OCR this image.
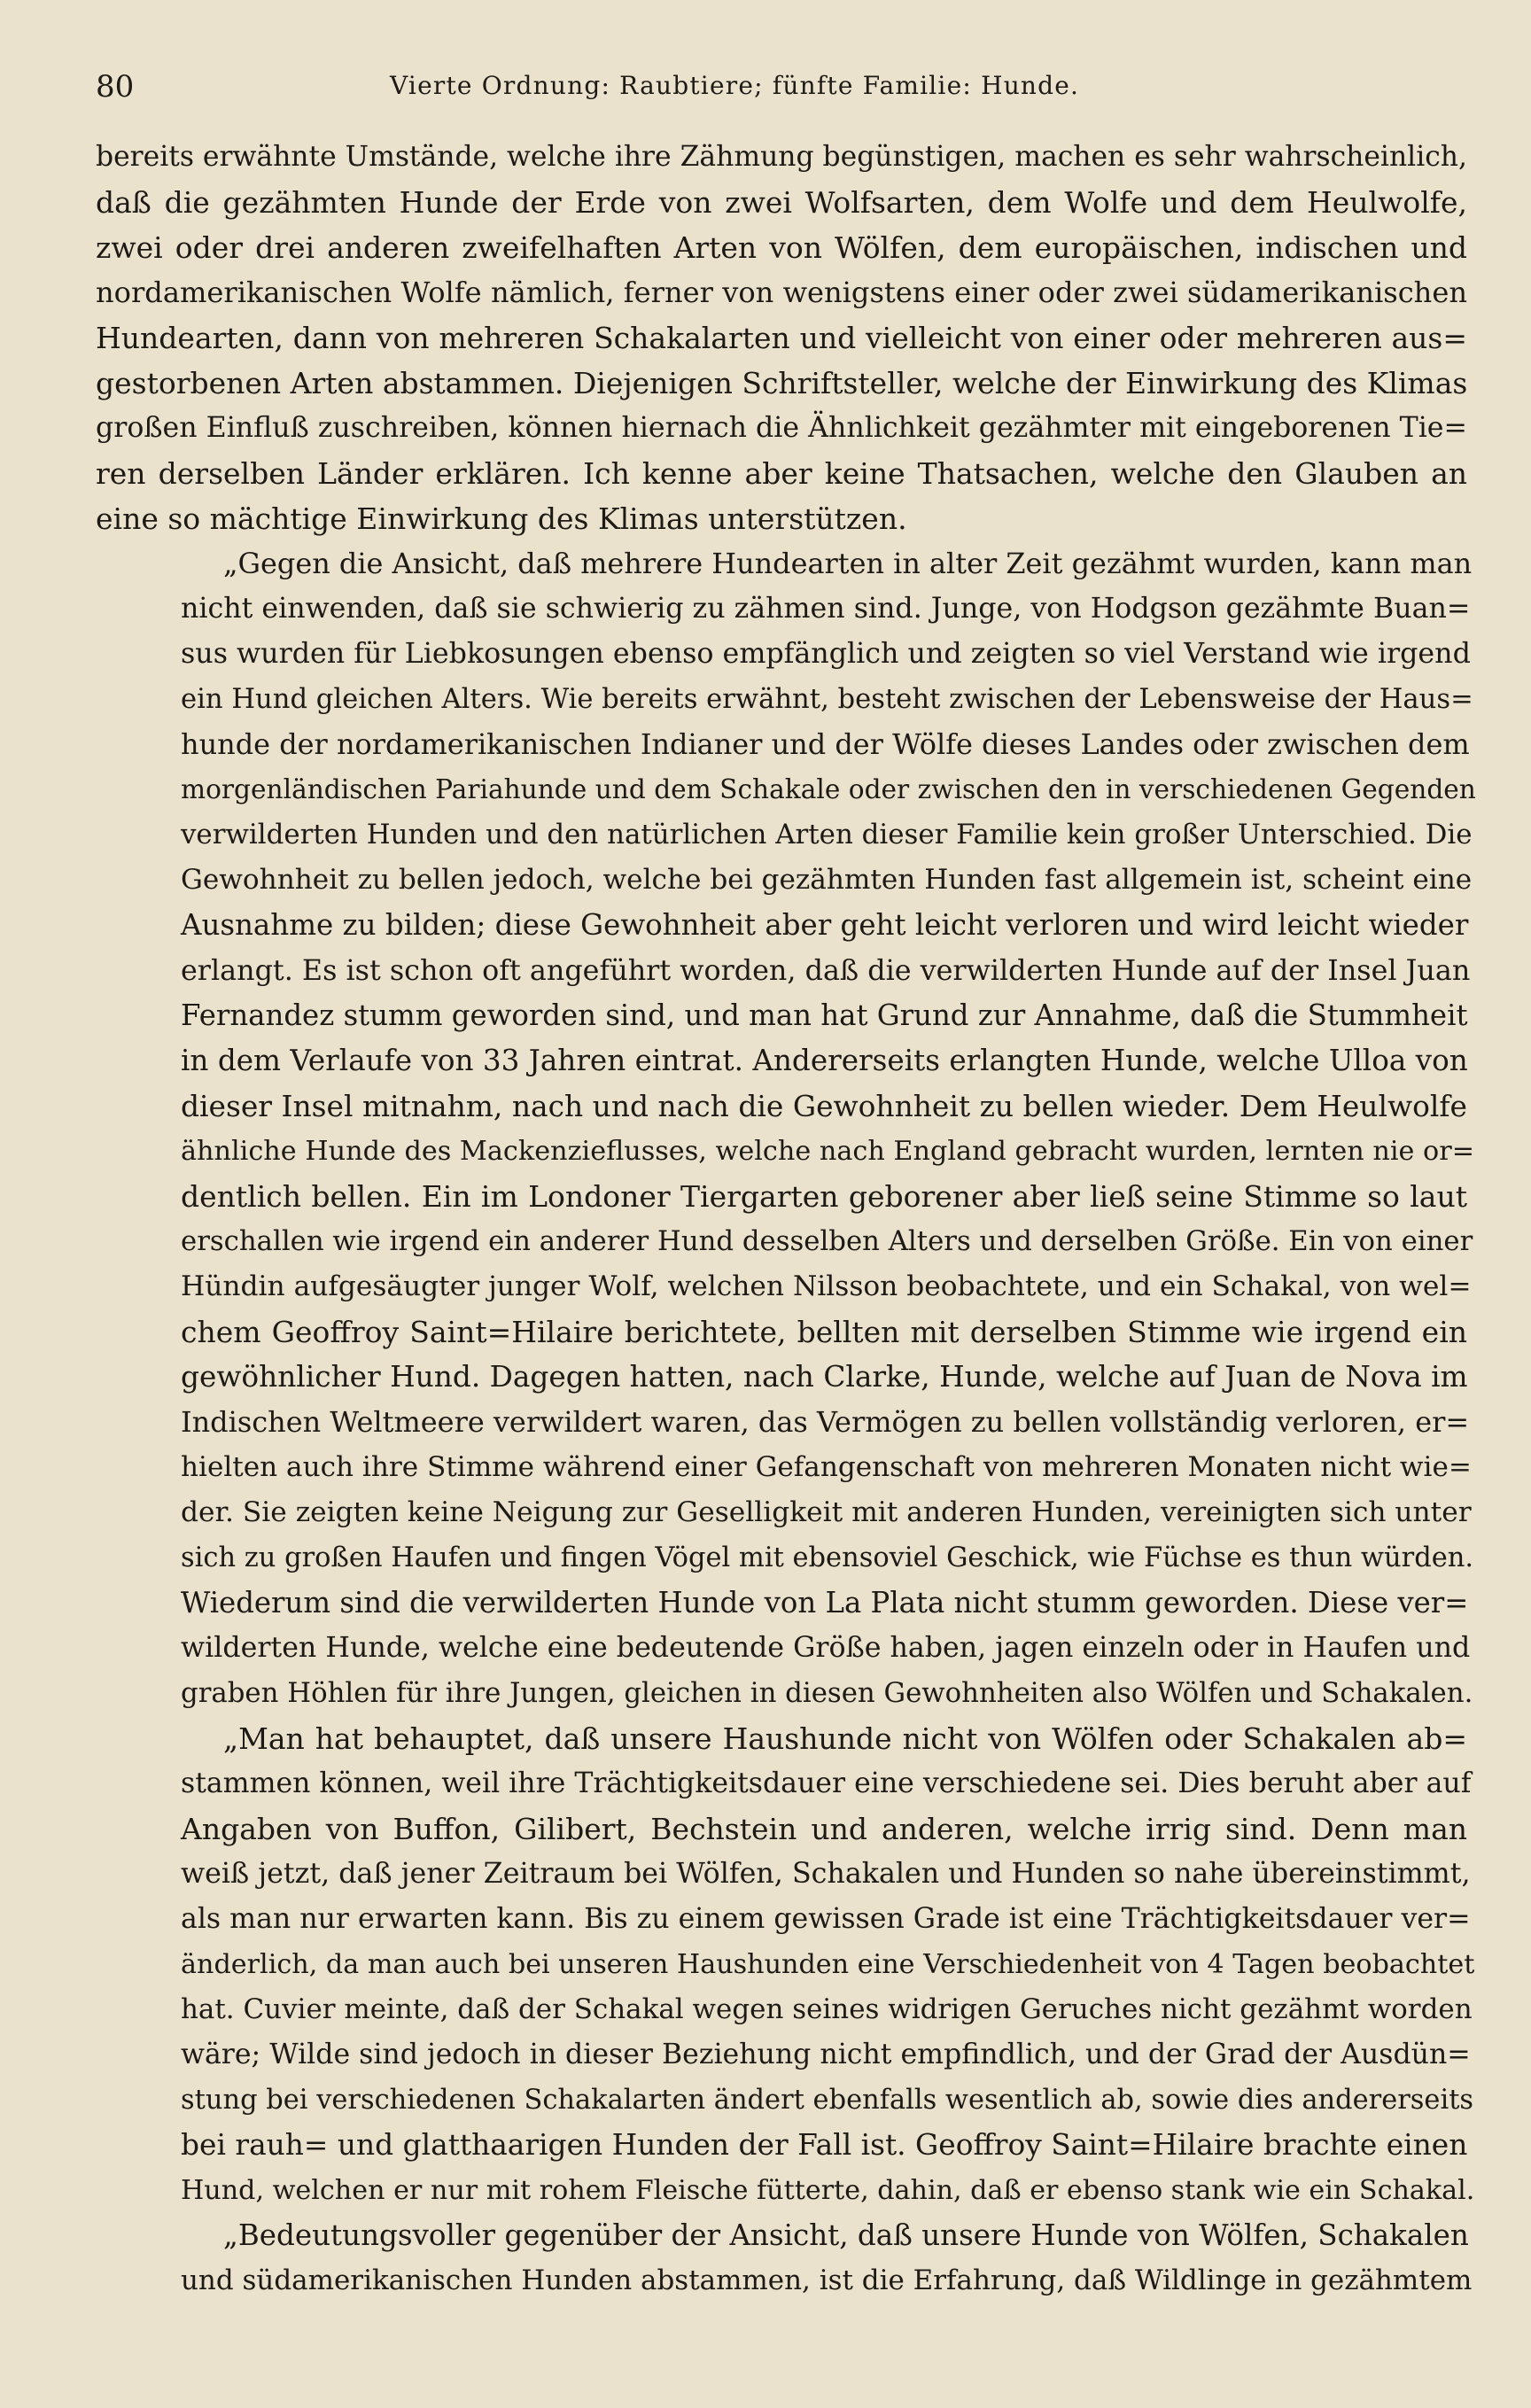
80	Vierte Ordnung: Raubtiere; fünfte Familie: Hunde.

bereits erwähnte Umstände, welche ihre Zähmung begünstigen, machen es sehr wahrscheinlich,
daß die gezähmten Hunde der Erde von zwei Wolfsarten, dem Wolfe und dem Heulwolfe,
zwei oder drei anderen zweifelhaften Arten von Wölfen, dem europäischen, indischen und
nordamerikanischen Wolfe nämlich, ferner von wenigstens einer oder zwei südamerikanischen
Hundearten, dann von mehreren Schakalarten und vielleicht von einer oder mehreren aus=
gestorbenen Arten abstammen. Diejenigen Schriftsteller, welche der Einwirkung des Klimas
großen Einfluß zuschreiben, können hiernach die Ähnlichkeit gezähmter mit eingeborenen Tie=
ren derselben Länder erklären. Ich kenne aber keine Thatsachen, welche den Glauben an
eine so mächtige Einwirkung des Klimas unterstützen.

„Gegen die Ansicht, daß mehrere Hundearten in alter Zeit gezähmt wurden, kann man
nicht einwenden, daß sie schwierig zu zähmen sind. Junge, von Hodgson gezähmte Buan=
sus wurden für Liebkosungen ebenso empfänglich und zeigten so viel Verstand wie irgend
ein Hund gleichen Alters. Wie bereits erwähnt, besteht zwischen der Lebensweise der Haus=
hunde der nordamerikanischen Indianer und der Wölfe dieses Landes oder zwischen dem
morgenländischen Pariahunde und dem Schakale oder zwischen den in verschiedenen Gegenden
verwilderten Hunden und den natürlichen Arten dieser Familie kein großer Unterschied. Die
Gewohnheit zu bellen jedoch, welche bei gezähmten Hunden fast allgemein ist, scheint eine
Ausnahme zu bilden; diese Gewohnheit aber geht leicht verloren und wird leicht wieder
erlangt. Es ist schon oft angeführt worden, daß die verwilderten Hunde auf der Insel Juan
Fernandez stumm geworden sind, und man hat Grund zur Annahme, daß die Stummheit
in dem Verlaufe von 33 Jahren eintrat. Andererseits erlangten Hunde, welche Ulloa von
dieser Insel mitnahm, nach und nach die Gewohnheit zu bellen wieder. Dem Heulwolfe
ähnliche Hunde des Mackenzieflusses, welche nach England gebracht wurden, lernten nie or=
dentlich bellen. Ein im Londoner Tiergarten geborener aber ließ seine Stimme so laut
erschallen wie irgend ein anderer Hund desselben Alters und derselben Größe. Ein von einer
Hündin aufgesäugter junger Wolf, welchen Nilsson beobachtete, und ein Schakal, von wel=
chem Geoffroy Saint=Hilaire berichtete, bellten mit derselben Stimme wie irgend ein
gewöhnlicher Hund. Dagegen hatten, nach Clarke, Hunde, welche auf Juan de Nova im
Indischen Weltmeere verwildert waren, das Vermögen zu bellen vollständig verloren, er=
hielten auch ihre Stimme während einer Gefangenschaft von mehreren Monaten nicht wie=
der. Sie zeigten keine Neigung zur Geselligkeit mit anderen Hunden, vereinigten sich unter
sich zu großen Haufen und fingen Vögel mit ebensoviel Geschick, wie Füchse es thun würden.
Wiederum sind die verwilderten Hunde von La Plata nicht stumm geworden. Diese ver=
wilderten Hunde, welche eine bedeutende Größe haben, jagen einzeln oder in Haufen und
graben Höhlen für ihre Jungen, gleichen in diesen Gewohnheiten also Wölfen und Schakalen.

„Man hat behauptet, daß unsere Haushunde nicht von Wölfen oder Schakalen ab=
stammen können, weil ihre Trächtigkeitsdauer eine verschiedene sei. Dies beruht aber auf
Angaben von Buffon, Gilibert, Bechstein und anderen, welche irrig sind. Denn man
weiß jetzt, daß jener Zeitraum bei Wölfen, Schakalen und Hunden so nahe übereinstimmt,
als man nur erwarten kann. Bis zu einem gewissen Grade ist eine Trächtigkeitsdauer ver=
änderlich, da man auch bei unseren Haushunden eine Verschiedenheit von 4 Tagen beobachtet
hat. Cuvier meinte, daß der Schakal wegen seines widrigen Geruches nicht gezähmt worden
wäre; Wilde sind jedoch in dieser Beziehung nicht empfindlich, und der Grad der Ausdün=
stung bei verschiedenen Schakalarten ändert ebenfalls wesentlich ab, sowie dies andererseits
bei rauh= und glatthaarigen Hunden der Fall ist. Geoffroy Saint=Hilaire brachte einen
Hund, welchen er nur mit rohem Fleische fütterte, dahin, daß er ebenso stank wie ein Schakal.

„Bedeutungsvoller gegenüber der Ansicht, daß unsere Hunde von Wölfen, Schakalen
und südamerikanischen Hunden abstammen, ist die Erfahrung, daß Wildlinge in gezähmtem
